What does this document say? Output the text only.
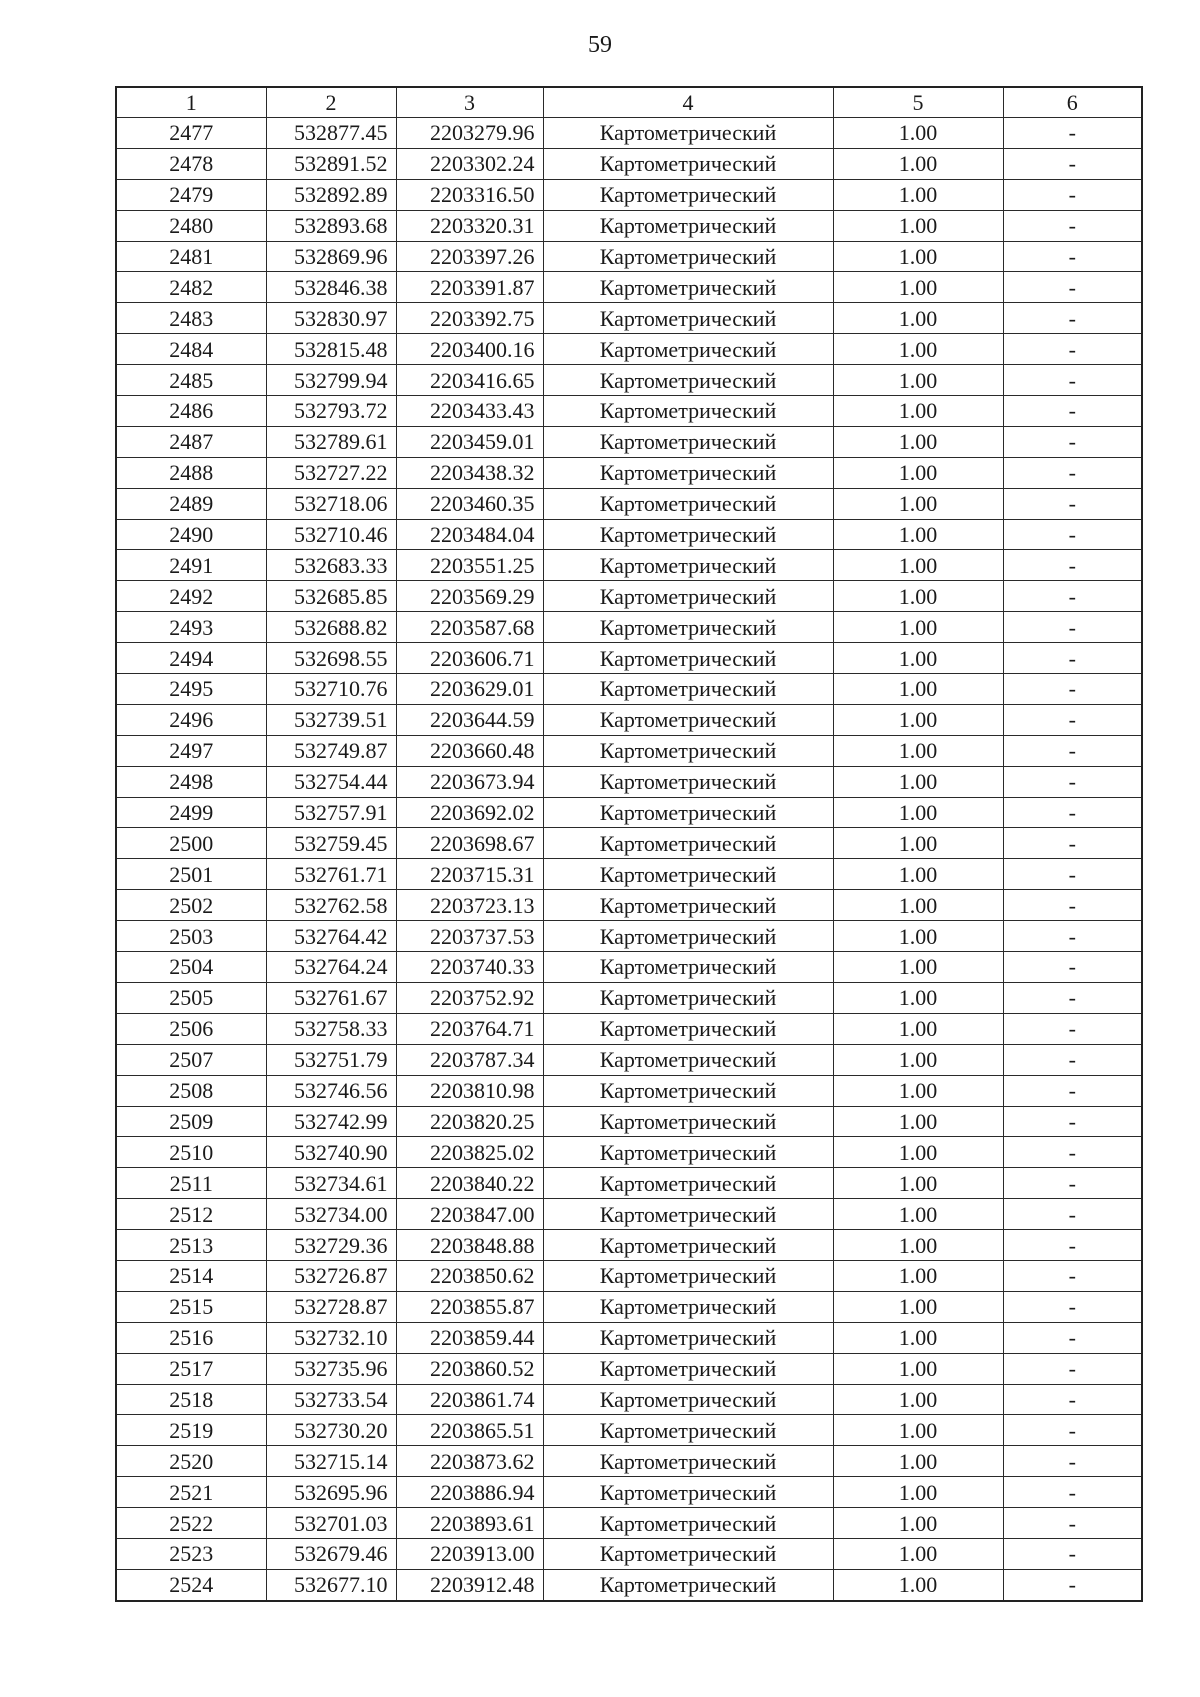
59
1	2	3	4	5	6
2477	532877.45	2203279.96	Картометрический	1.00	-
2478	532891.52	2203302.24	Картометрический	1.00	-
2479	532892.89	2203316.50	Картометрический	1.00	-
2480	532893.68	2203320.31	Картометрический	1.00	-
2481	532869.96	2203397.26	Картометрический	1.00	-
2482	532846.38	2203391.87	Картометрический	1.00	-
2483	532830.97	2203392.75	Картометрический	1.00	-
2484	532815.48	2203400.16	Картометрический	1.00	-
2485	532799.94	2203416.65	Картометрический	1.00	-
2486	532793.72	2203433.43	Картометрический	1.00	-
2487	532789.61	2203459.01	Картометрический	1.00	-
2488	532727.22	2203438.32	Картометрический	1.00	-
2489	532718.06	2203460.35	Картометрический	1.00	-
2490	532710.46	2203484.04	Картометрический	1.00	-
2491	532683.33	2203551.25	Картометрический	1.00	-
2492	532685.85	2203569.29	Картометрический	1.00	-
2493	532688.82	2203587.68	Картометрический	1.00	-
2494	532698.55	2203606.71	Картометрический	1.00	-
2495	532710.76	2203629.01	Картометрический	1.00	-
2496	532739.51	2203644.59	Картометрический	1.00	-
2497	532749.87	2203660.48	Картометрический	1.00	-
2498	532754.44	2203673.94	Картометрический	1.00	-
2499	532757.91	2203692.02	Картометрический	1.00	-
2500	532759.45	2203698.67	Картометрический	1.00	-
2501	532761.71	2203715.31	Картометрический	1.00	-
2502	532762.58	2203723.13	Картометрический	1.00	-
2503	532764.42	2203737.53	Картометрический	1.00	-
2504	532764.24	2203740.33	Картометрический	1.00	-
2505	532761.67	2203752.92	Картометрический	1.00	-
2506	532758.33	2203764.71	Картометрический	1.00	-
2507	532751.79	2203787.34	Картометрический	1.00	-
2508	532746.56	2203810.98	Картометрический	1.00	-
2509	532742.99	2203820.25	Картометрический	1.00	-
2510	532740.90	2203825.02	Картометрический	1.00	-
2511	532734.61	2203840.22	Картометрический	1.00	-
2512	532734.00	2203847.00	Картометрический	1.00	-
2513	532729.36	2203848.88	Картометрический	1.00	-
2514	532726.87	2203850.62	Картометрический	1.00	-
2515	532728.87	2203855.87	Картометрический	1.00	-
2516	532732.10	2203859.44	Картометрический	1.00	-
2517	532735.96	2203860.52	Картометрический	1.00	-
2518	532733.54	2203861.74	Картометрический	1.00	-
2519	532730.20	2203865.51	Картометрический	1.00	-
2520	532715.14	2203873.62	Картометрический	1.00	-
2521	532695.96	2203886.94	Картометрический	1.00	-
2522	532701.03	2203893.61	Картометрический	1.00	-
2523	532679.46	2203913.00	Картометрический	1.00	-
2524	532677.10	2203912.48	Картометрический	1.00	-
